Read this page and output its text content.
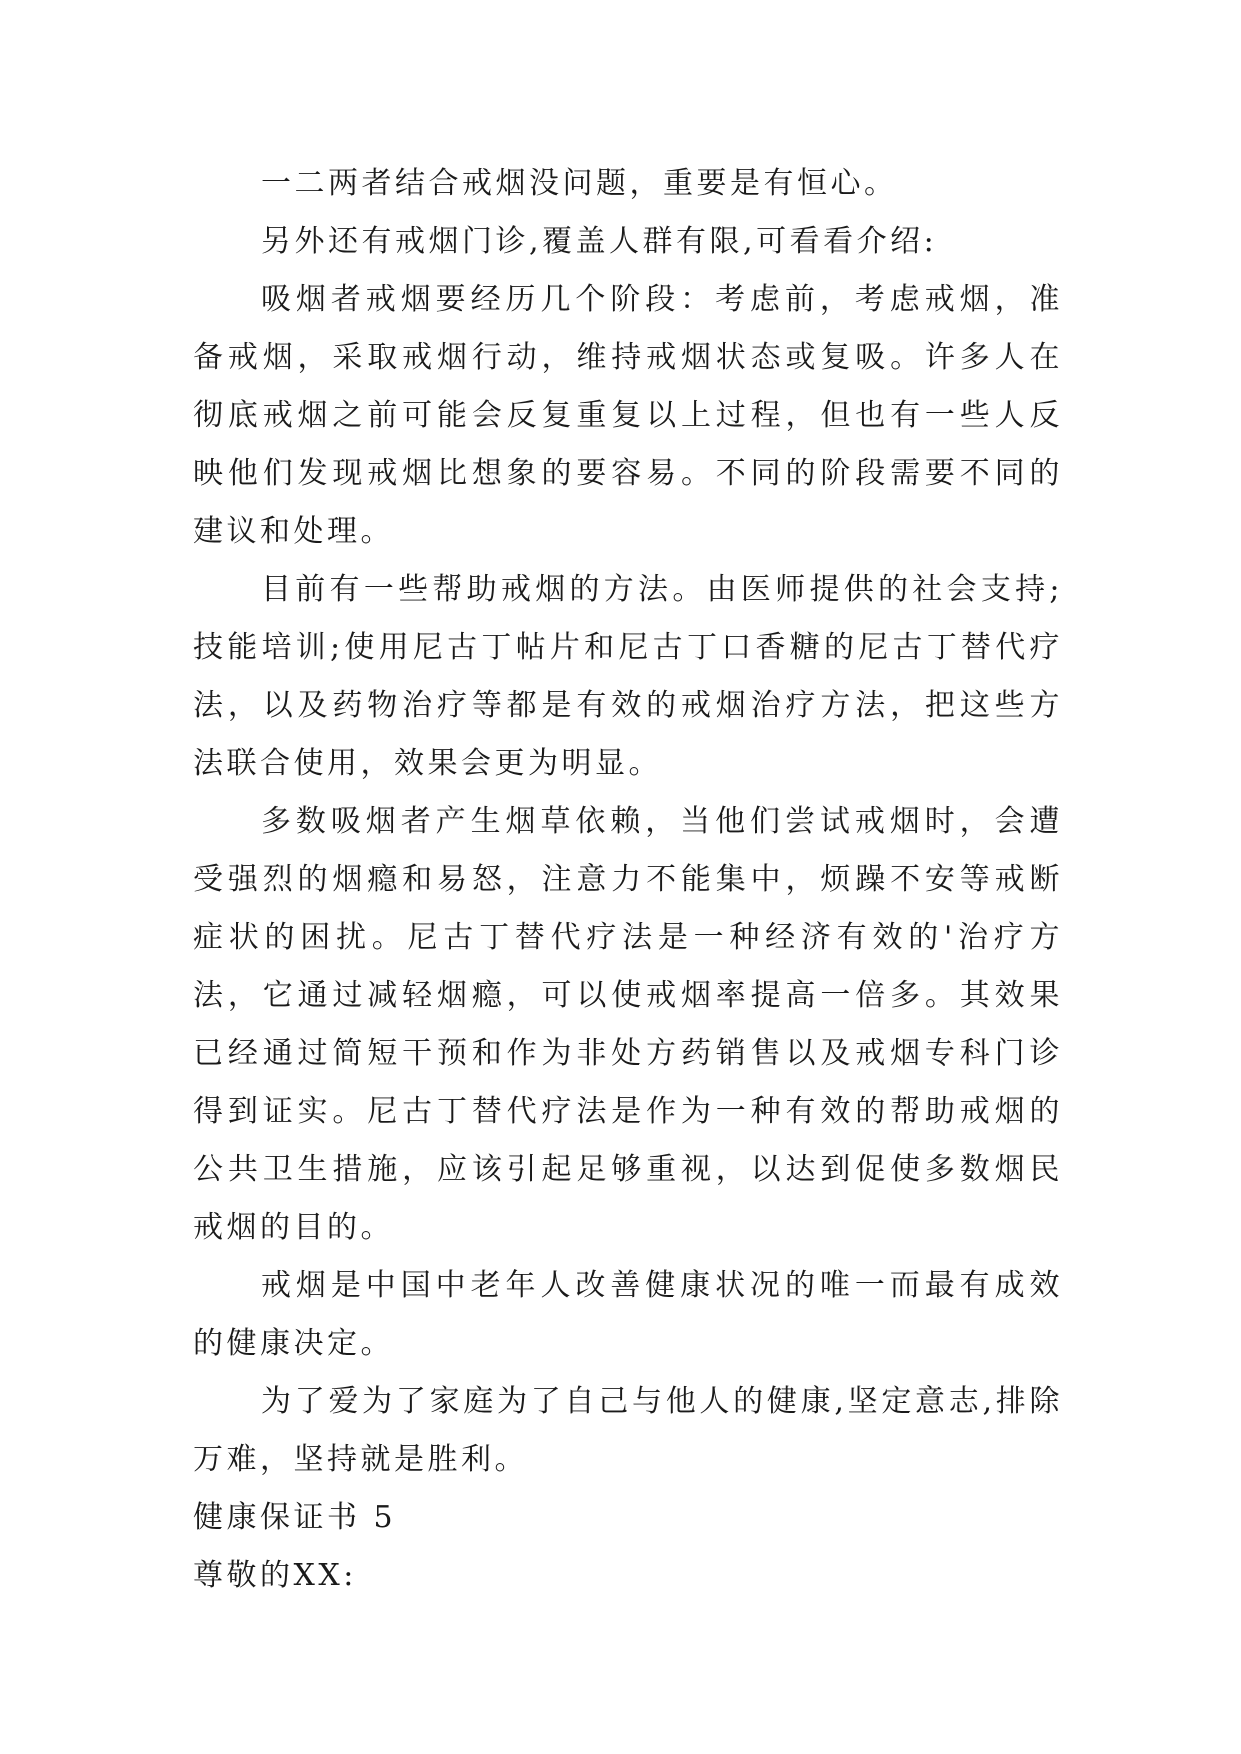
一二两者结合戒烟没问题，重要是有恒心。

另外还有戒烟门诊,覆盖人群有限,可看看介绍:

吸烟者戒烟要经历几个阶段：考虑前，考虑戒烟，准备戒烟，采取戒烟行动，维持戒烟状态或复吸。许多人在彻底戒烟之前可能会反复重复以上过程，但也有一些人反映他们发现戒烟比想象的要容易。不同的阶段需要不同的建议和处理。

目前有一些帮助戒烟的方法。由医师提供的社会支持;技能培训;使用尼古丁帖片和尼古丁口香糖的尼古丁替代疗法，以及药物治疗等都是有效的戒烟治疗方法，把这些方法联合使用，效果会更为明显。

多数吸烟者产生烟草依赖，当他们尝试戒烟时，会遭受强烈的烟瘾和易怒，注意力不能集中，烦躁不安等戒断症状的困扰。尼古丁替代疗法是一种经济有效的'治疗方法，它通过减轻烟瘾，可以使戒烟率提高一倍多。其效果已经通过简短干预和作为非处方药销售以及戒烟专科门诊得到证实。尼古丁替代疗法是作为一种有效的帮助戒烟的公共卫生措施，应该引起足够重视，以达到促使多数烟民戒烟的目的。

戒烟是中国中老年人改善健康状况的唯一而最有成效的健康决定。

为了爱为了家庭为了自己与他人的健康,坚定意志,排除万难，坚持就是胜利。

健康保证书 5

尊敬的XX:
